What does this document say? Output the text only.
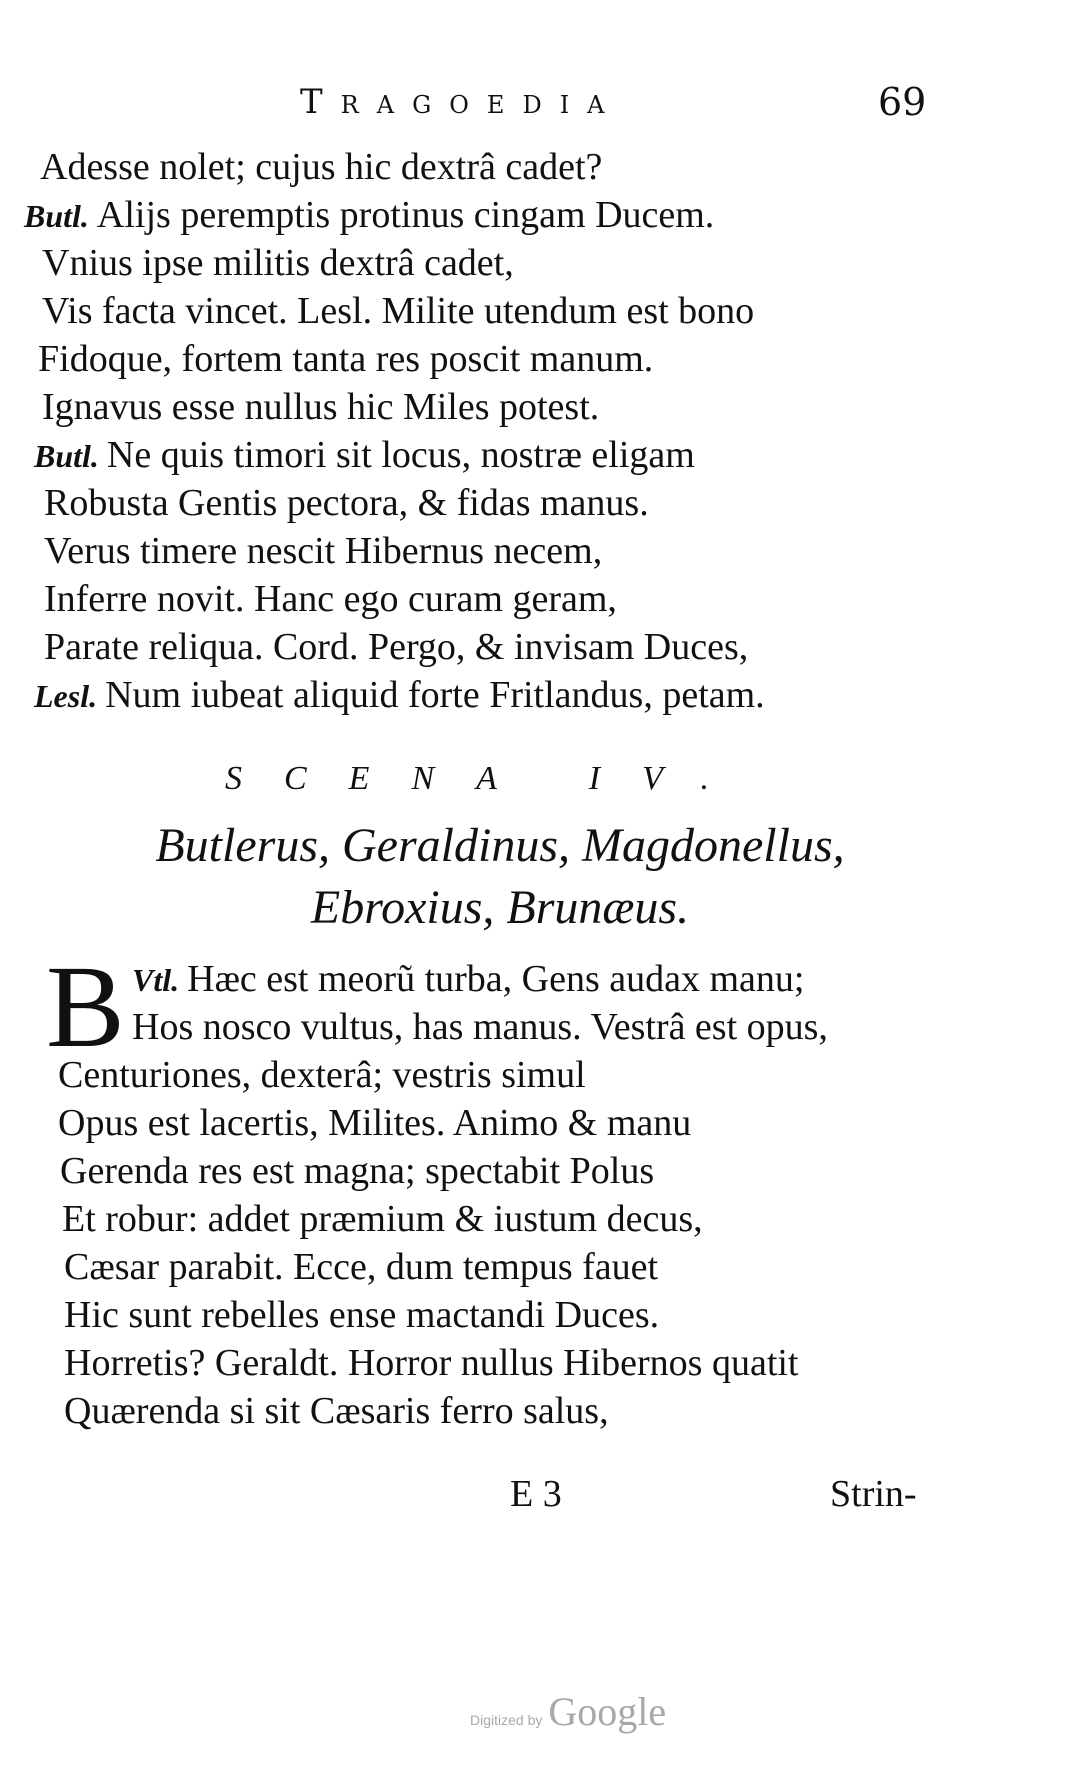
Tragoedia	69
Adesse nolet; cujus hic dextrâ cadet?
Butl. Alijs peremptis protinus cingam Ducem.
Vnius ipse militis dextrâ cadet,
Vis facta vincet. Lesl. Milite utendum est bono
Fidoque, fortem tanta res poscit manum.
Ignavus esse nullus hic Miles potest.
Butl. Ne quis timori sit locus, nostræ eligam
Robusta Gentis pectora, & fidas manus.
Verus timere nescit Hibernus necem,
Inferre novit. Hanc ego curam geram,
Parate reliqua. Cord. Pergo, & invisam Duces,
Lesl. Num iubeat aliquid forte Fritlandus, petam.
SCENA IV.
Butlerus, Geraldinus, Magdonellus,
Ebroxius, Brunæus.
B Vtl. Hæc est meorũ turba, Gens audax manu;
Hos nosco vultus, has manus. Vestrâ est opus,
Centuriones, dexterâ; vestris simul
Opus est lacertis, Milites. Animo & manu
Gerenda res est magna; spectabit Polus
Et robur: addet præmium & iustum decus,
Cæsar parabit. Ecce, dum tempus fauet
Hic sunt rebelles ense mactandi Duces.
Horretis? Geraldt. Horror nullus Hibernos quatit
Quærenda si sit Cæsaris ferro salus,
E 3	Strin-
Digitized by Google
